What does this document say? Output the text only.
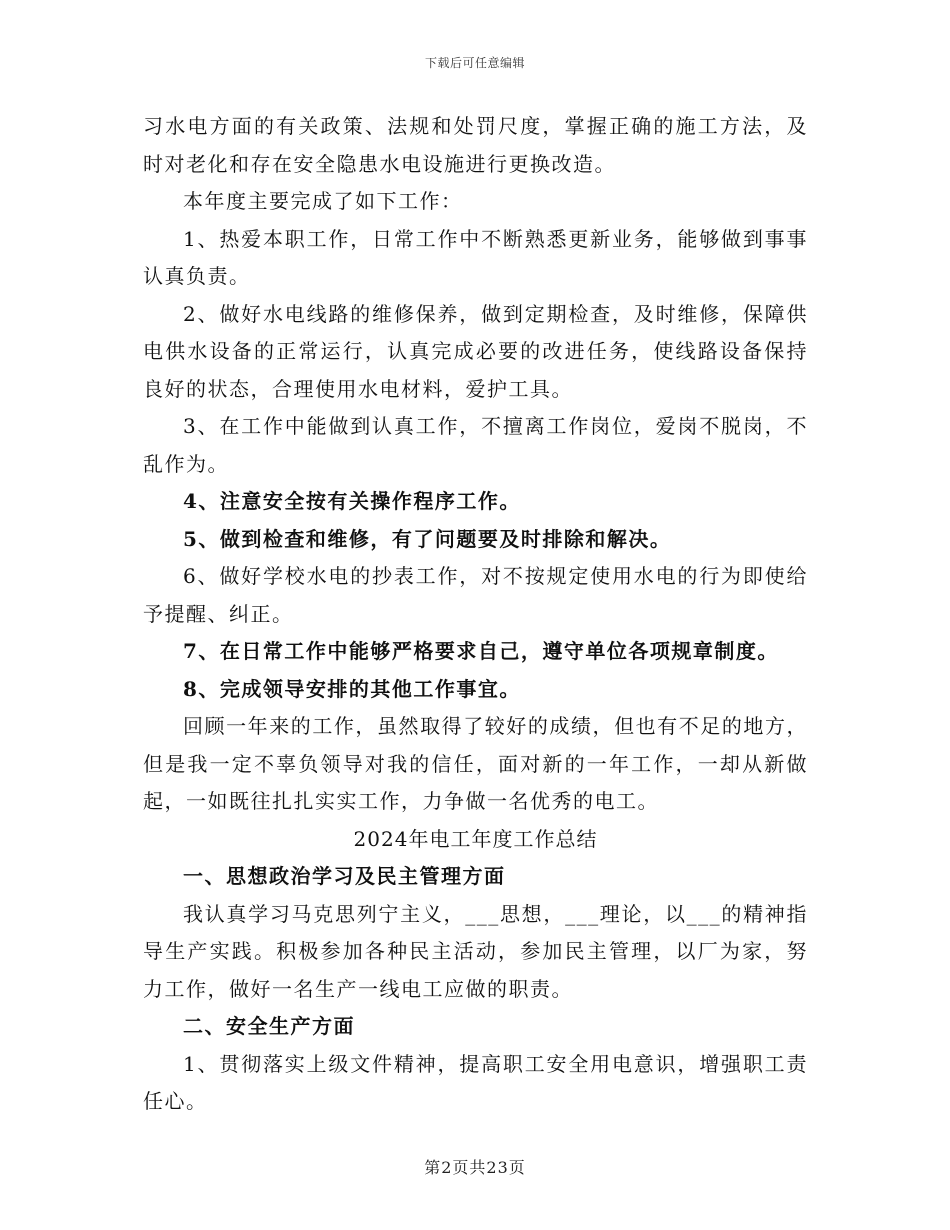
下载后可任意编辑

习水电方面的有关政策、法规和处罚尺度，掌握正确的施工方法，及时对老化和存在安全隐患水电设施进行更换改造。

本年度主要完成了如下工作：

1、热爱本职工作，日常工作中不断熟悉更新业务，能够做到事事认真负责。

2、做好水电线路的维修保养，做到定期检查，及时维修，保障供电供水设备的正常运行，认真完成必要的改进任务，使线路设备保持良好的状态，合理使用水电材料，爱护工具。

3、在工作中能做到认真工作，不擅离工作岗位，爱岗不脱岗，不乱作为。

4、注意安全按有关操作程序工作。

5、做到检查和维修，有了问题要及时排除和解决。

6、做好学校水电的抄表工作，对不按规定使用水电的行为即使给予提醒、纠正。

7、在日常工作中能够严格要求自己，遵守单位各项规章制度。

8、完成领导安排的其他工作事宜。

回顾一年来的工作，虽然取得了较好的成绩，但也有不足的地方，但是我一定不辜负领导对我的信任，面对新的一年工作，一却从新做起，一如既往扎扎实实工作，力争做一名优秀的电工。

2024年电工年度工作总结

一、思想政治学习及民主管理方面

我认真学习马克思列宁主义，___思想，___理论，以___的精神指导生产实践。积极参加各种民主活动，参加民主管理，以厂为家，努力工作，做好一名生产一线电工应做的职责。

二、安全生产方面

1、贯彻落实上级文件精神，提高职工安全用电意识，增强职工责任心。

第2页共23页
